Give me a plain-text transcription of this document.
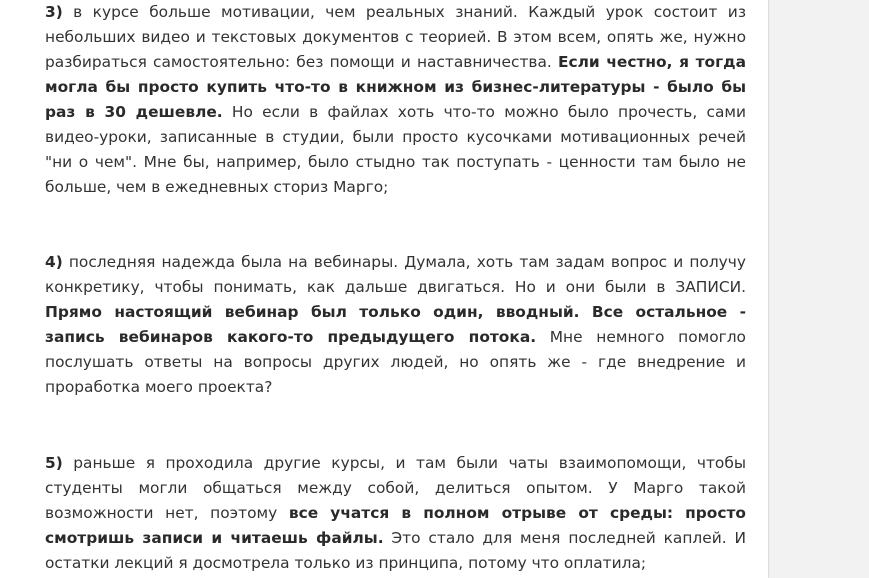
3) в курсе больше мотивации, чем реальных знаний. Каждый урок состоит из небольших видео и текстовых документов с теорией. В этом всем, опять же, нужно разбираться самостоятельно: без помощи и наставничества. Если честно, я тогда могла бы просто купить что-то в книжном из бизнес-литературы - было бы раз в 30 дешевле. Но если в файлах хоть что-то можно было прочесть, сами видео-уроки, записанные в студии, были просто кусочками мотивационных речей "ни о чем". Мне бы, например, было стыдно так поступать - ценности там было не больше, чем в ежедневных сториз Марго;

4) последняя надежда была на вебинары. Думала, хоть там задам вопрос и получу конкретику, чтобы понимать, как дальше двигаться. Но и они были в ЗАПИСИ. Прямо настоящий вебинар был только один, вводный. Все остальное - запись вебинаров какого-то предыдущего потока. Мне немного помогло послушать ответы на вопросы других людей, но опять же - где внедрение и проработка моего проекта?

5) раньше я проходила другие курсы, и там были чаты взаимопомощи, чтобы студенты могли общаться между собой, делиться опытом. У Марго такой возможности нет, поэтому все учатся в полном отрыве от среды: просто смотришь записи и читаешь файлы. Это стало для меня последней каплей. И остатки лекций я досмотрела только из принципа, потому что оплатила;
